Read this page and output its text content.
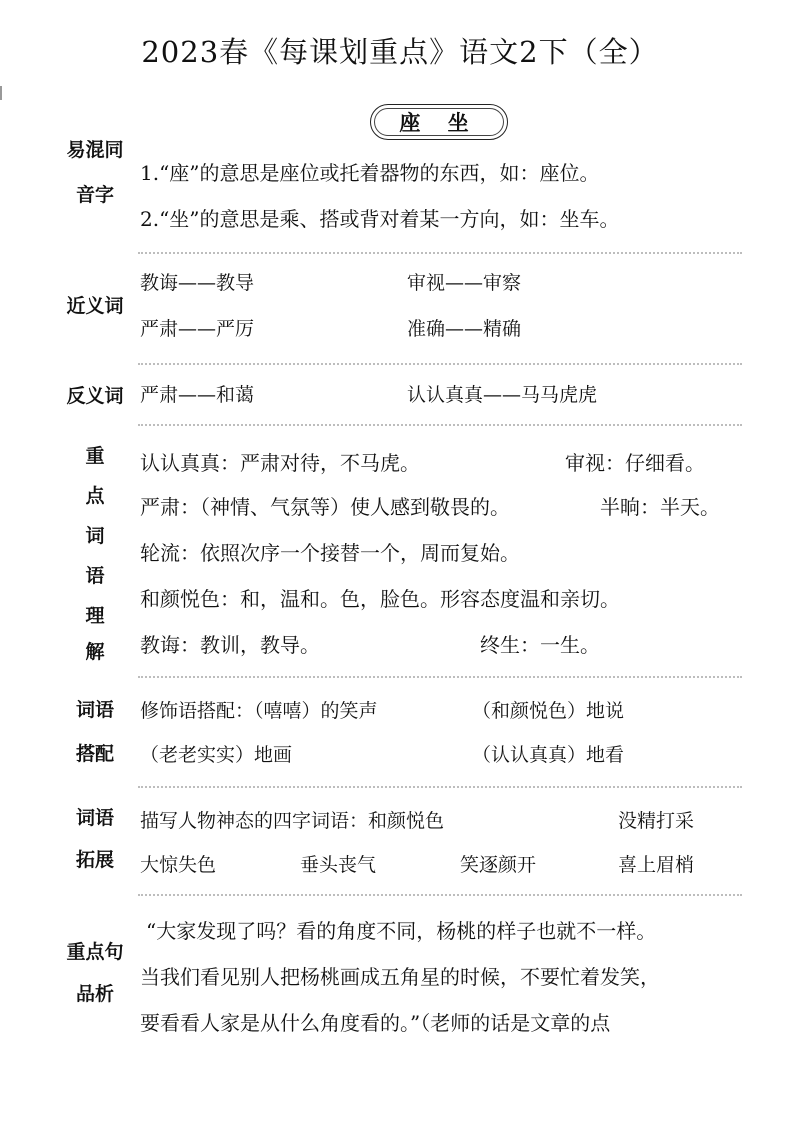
2023春《每课划重点》语文2下（全）
座 坐
易混同
音字
1.“座”的意思是座位或托着器物的东西，如：座位。
2.“坐”的意思是乘、搭或背对着某一方向，如：坐车。
近义词
教诲——教导	审视——审察
严肃——严厉	准确——精确
反义词 严肃——和蔼	认认真真——马马虎虎
重
点
词
语
理
解
认认真真：严肃对待，不马虎。	审视：仔细看。
严肃：（神情、气氛等）使人感到敬畏的。	半晌：半天。
轮流：依照次序一个接替一个，周而复始。
和颜悦色：和，温和。色，脸色。形容态度温和亲切。
教诲：教训，教导。	终生：一生。
词语
搭配
修饰语搭配：（嘻嘻）的笑声	（和颜悦色）地说
（老老实实）地画	（认认真真）地看
词语
拓展
描写人物神态的四字词语：和颜悦色	没精打采
大惊失色	垂头丧气	笑逐颜开	喜上眉梢
重点句
品析
“大家发现了吗？看的角度不同，杨桃的样子也就不一样。
当我们看见别人把杨桃画成五角星的时候，不要忙着发笑，
要看看人家是从什么角度看的。”（老师的话是文章的点
